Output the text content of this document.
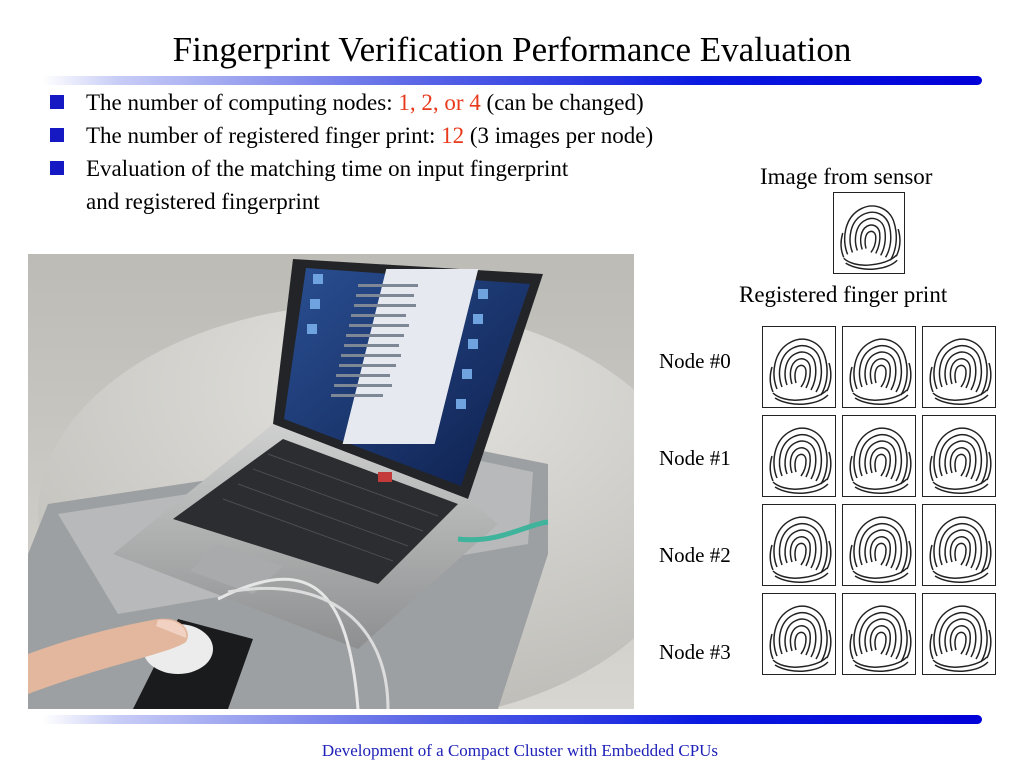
Fingerprint Verification Performance Evaluation
The number of computing nodes: 1, 2, or 4 (can be changed)
The number of registered finger print: 12 (3 images per node)
Evaluation of the matching time on input fingerprint
and registered fingerprint
Image from sensor
Registered finger print
Node #0
Node #1
Node #2
Node #3
Development of a Compact Cluster with Embedded CPUs
